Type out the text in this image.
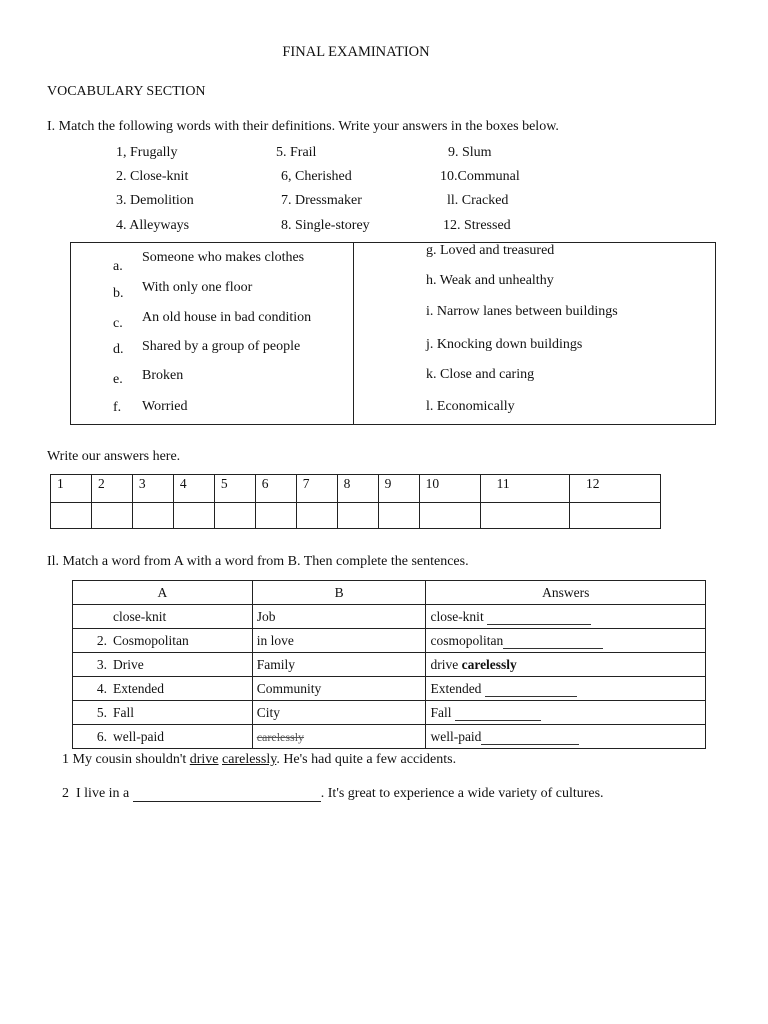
FINAL EXAMINATION
VOCABULARY SECTION
I. Match the following words with their definitions. Write your answers in the boxes below.
1, Frugally	5. Frail	9. Slum
2. Close-knit	6, Cherished	10.Communal
3. Demolition	7. Dressmaker	ll. Cracked
4. Alleyways	8. Single-storey	12. Stressed
a.
Someone who makes clothes
b. With only one floor
c. An old house in bad condition
d. Shared by a group of people
e. Broken
f. Worried
g. Loved and treasured
h. Weak and unhealthy
i. Narrow lanes between buildings
j. Knocking down buildings
k. Close and caring
l. Economically
Write our answers here.
1	2	3	4	5	6	7	8	9	10	11	12

Il. Match a word from A with a word from B. Then complete the sentences.
A	B	Answers
close-knit	Job	close-knit
2. Cosmopolitan	in love	cosmopolitan
3. Drive	Family	drive carelessly
4. Extended	Community	Extended
5. Fall	City	Fall
6. well-paid	carelessly	well-paid
1 My cousin shouldn't drive carelessly. He's had quite a few accidents.
2 I live in a	. It's great to experience a wide variety of cultures.
